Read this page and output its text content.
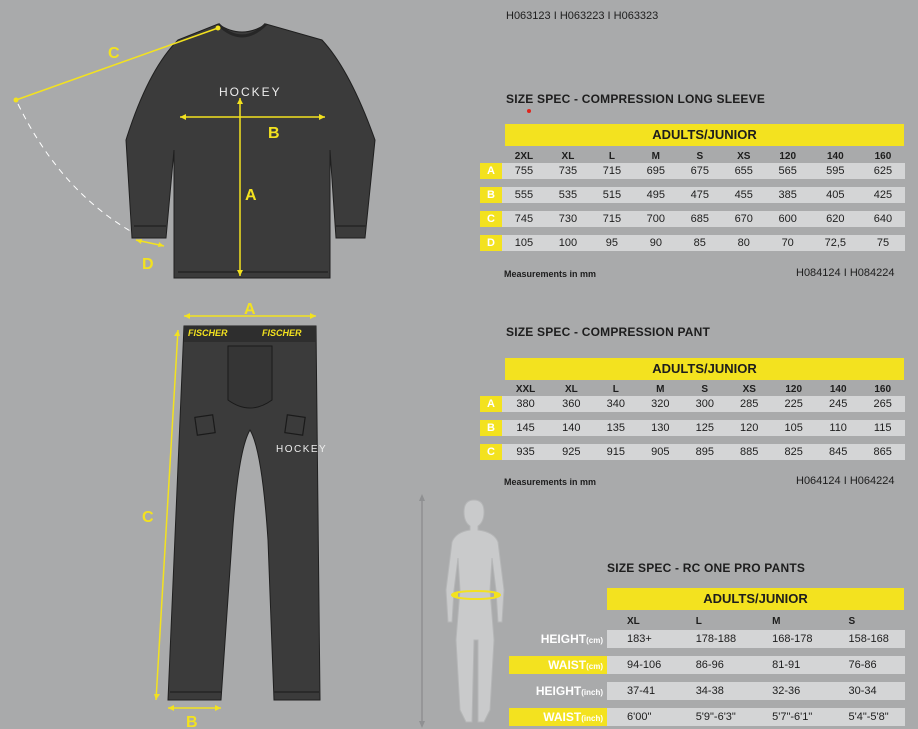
H063123 I H063223 I H063323
C
B
A
D
HOCKEY
A
C
B
FISCHER	FISCHER
HOCKEY
SIZE SPEC - COMPRESSION LONG SLEEVE
ADULTS/JUNIOR
	2XL	XL	L	M	S	XS	120	140	160
A	755	735	715	695	675	655	565	595	625

B	555	535	515	495	475	455	385	405	425

C	745	730	715	700	685	670	600	620	640

D	105	100	95	90	85	80	70	72,5	75
Measurements in mm	H084124 I H084224
SIZE SPEC - COMPRESSION PANT
ADULTS/JUNIOR
	XXL	XL	L	M	S	XS	120	140	160
A	380	360	340	320	300	285	225	245	265

B	145	140	135	130	125	120	105	110	115

C	935	925	915	905	895	885	825	845	865
Measurements in mm	H064124 I H064224
SIZE SPEC - RC ONE PRO PANTS
ADULTS/JUNIOR
	XL	L	M	S
HEIGHT(cm)	183+	178-188	168-178	158-168

WAIST(cm)	94-106	86-96	81-91	76-86

HEIGHT(inch)	37-41	34-38	32-36	30-34

WAIST(inch)	6'00"	5'9"-6'3"	5'7"-6'1"	5'4"-5'8"
